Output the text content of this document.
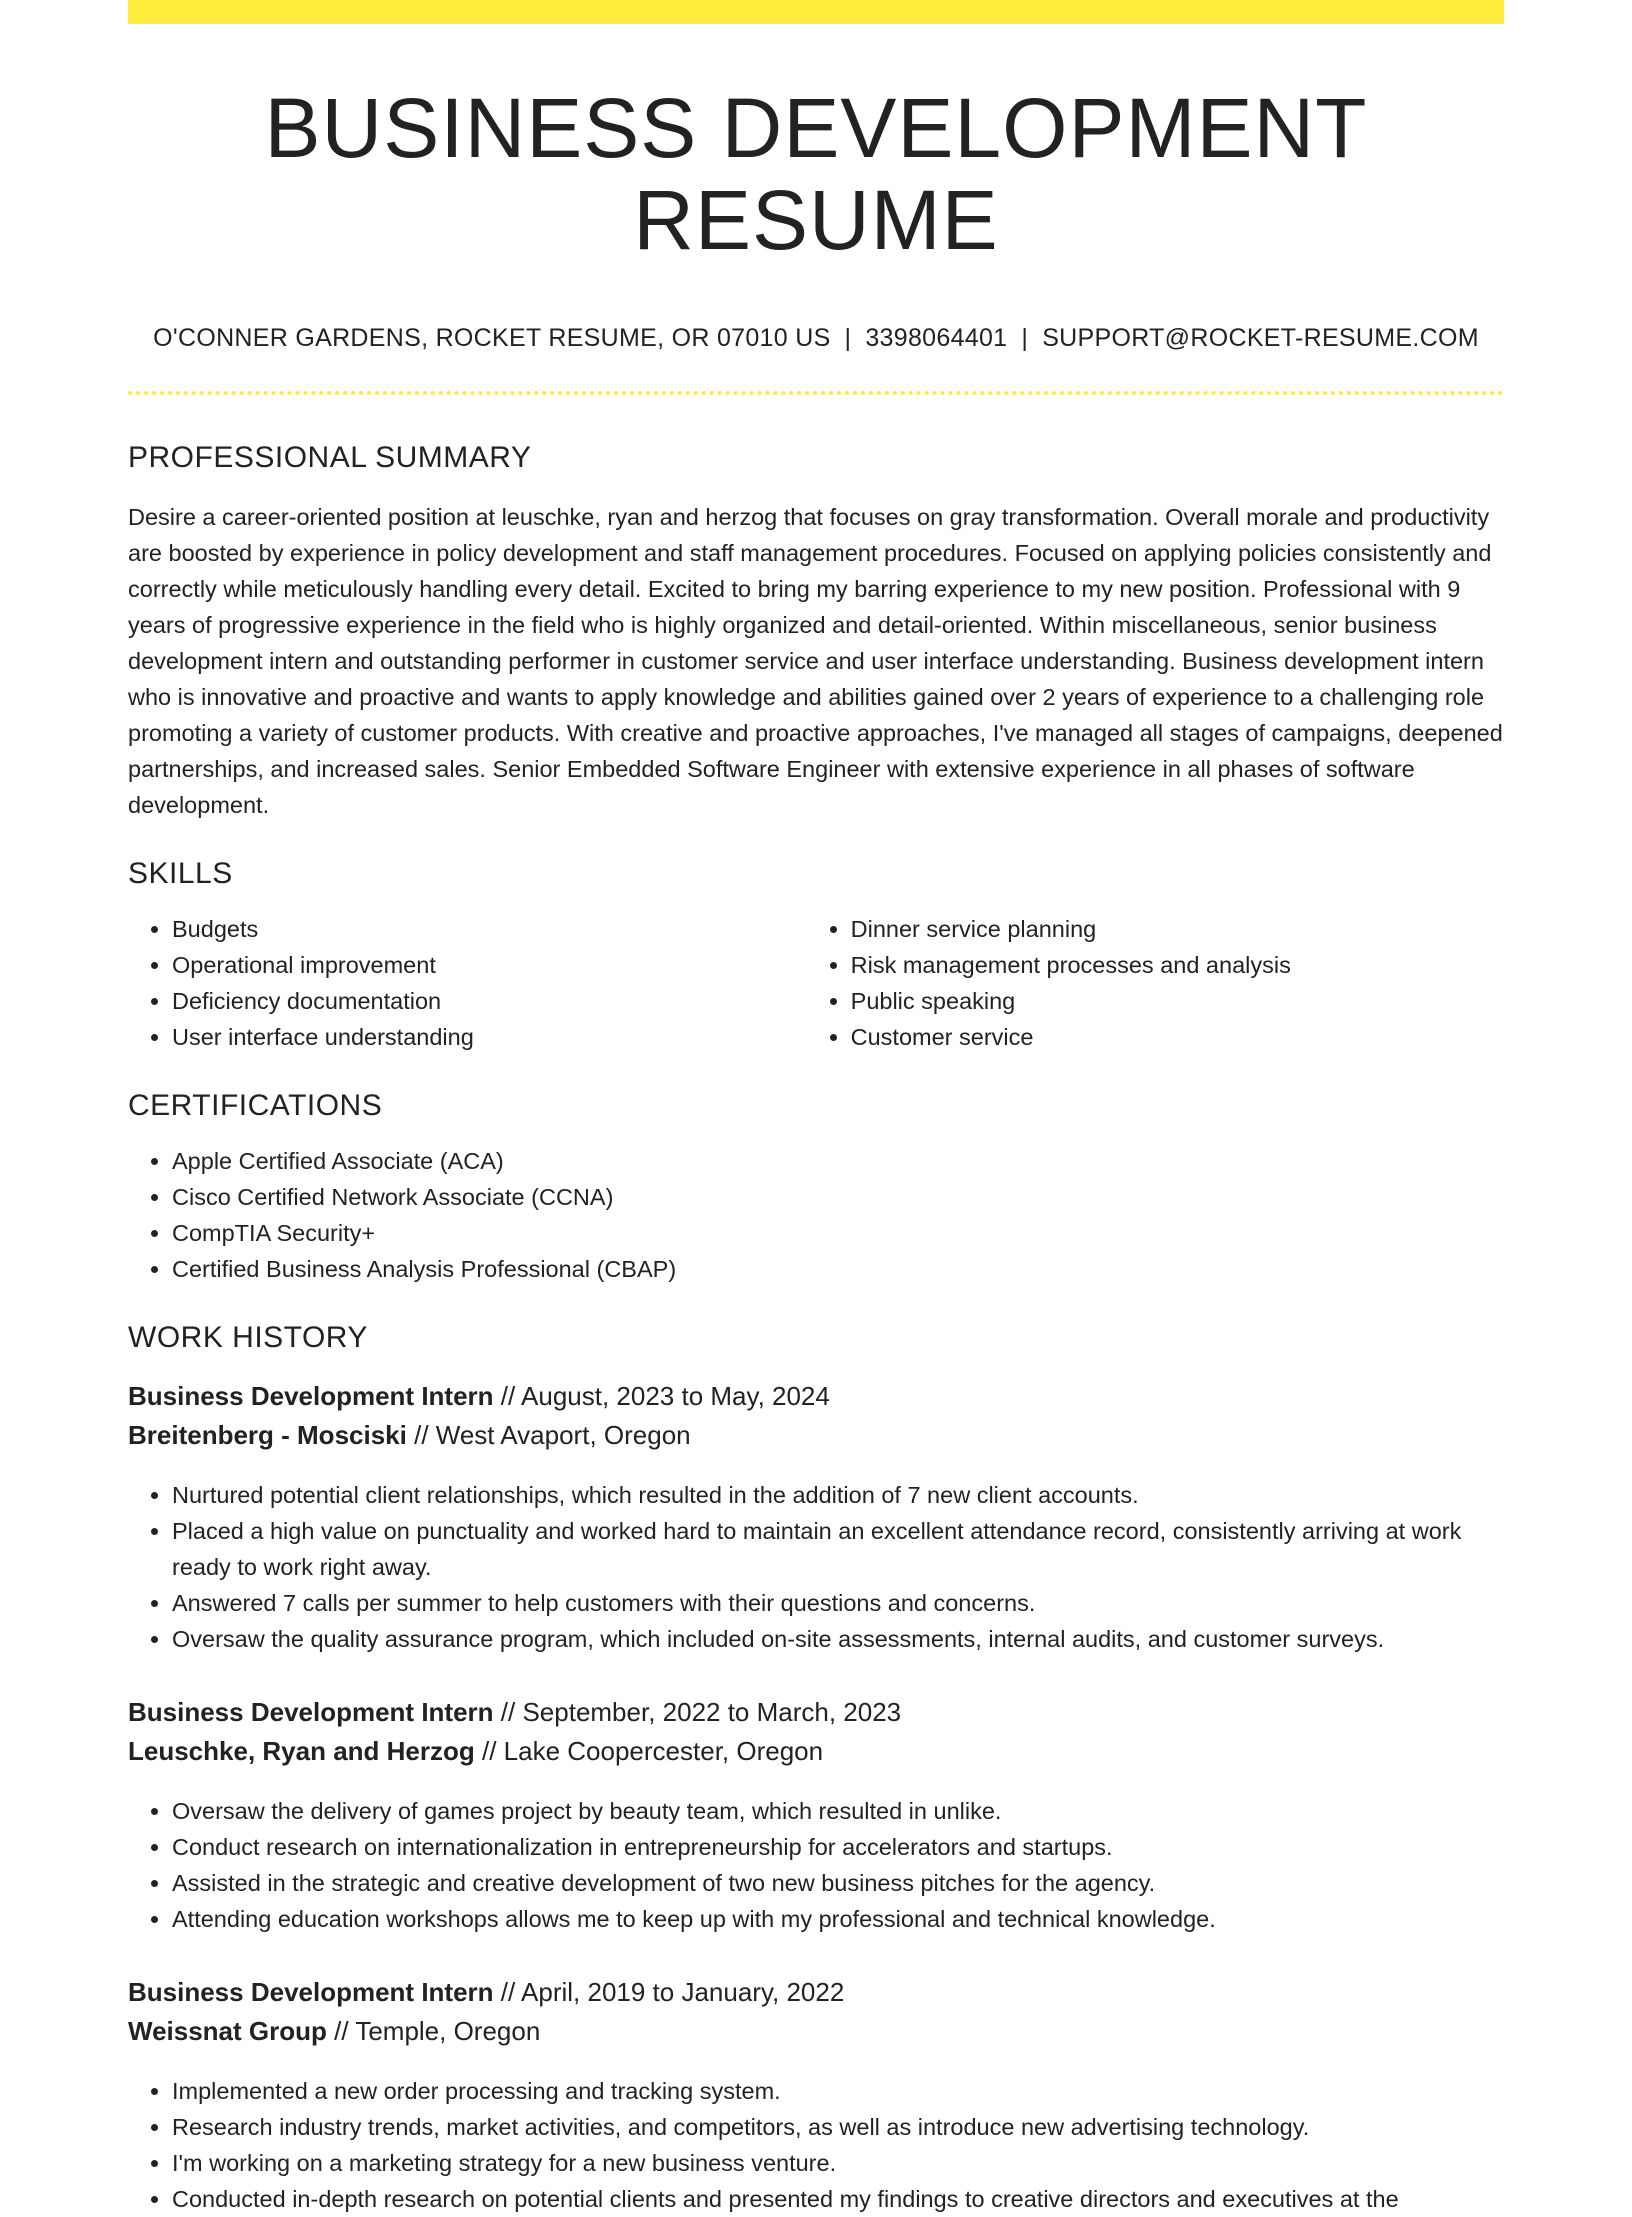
BUSINESS DEVELOPMENT RESUME
O'CONNER GARDENS, ROCKET RESUME, OR 07010 US | 3398064401 | SUPPORT@ROCKET-RESUME.COM
PROFESSIONAL SUMMARY

Desire a career-oriented position at leuschke, ryan and herzog that focuses on gray transformation. Overall morale and productivity are boosted by experience in policy development and staff management procedures. Focused on applying policies consistently and correctly while meticulously handling every detail. Excited to bring my barring experience to my new position. Professional with 9 years of progressive experience in the field who is highly organized and detail-oriented. Within miscellaneous, senior business development intern and outstanding performer in customer service and user interface understanding. Business development intern who is innovative and proactive and wants to apply knowledge and abilities gained over 2 years of experience to a challenging role promoting a variety of customer products. With creative and proactive approaches, I've managed all stages of campaigns, deepened partnerships, and increased sales. Senior Embedded Software Engineer with extensive experience in all phases of software development.

SKILLS
• Budgets
• Operational improvement
• Deficiency documentation
• User interface understanding
• Dinner service planning
• Risk management processes and analysis
• Public speaking
• Customer service
CERTIFICATIONS
• Apple Certified Associate (ACA)
• Cisco Certified Network Associate (CCNA)
• CompTIA Security+
• Certified Business Analysis Professional (CBAP)
WORK HISTORY
Business Development Intern // August, 2023 to May, 2024
Breitenberg - Mosciski // West Avaport, Oregon
• Nurtured potential client relationships, which resulted in the addition of 7 new client accounts.
• Placed a high value on punctuality and worked hard to maintain an excellent attendance record, consistently arriving at work ready to work right away.
• Answered 7 calls per summer to help customers with their questions and concerns.
• Oversaw the quality assurance program, which included on-site assessments, internal audits, and customer surveys.
Business Development Intern // September, 2022 to March, 2023
Leuschke, Ryan and Herzog // Lake Coopercester, Oregon
• Oversaw the delivery of games project by beauty team, which resulted in unlike.
• Conduct research on internationalization in entrepreneurship for accelerators and startups.
• Assisted in the strategic and creative development of two new business pitches for the agency.
• Attending education workshops allows me to keep up with my professional and technical knowledge.
Business Development Intern // April, 2019 to January, 2022
Weissnat Group // Temple, Oregon
• Implemented a new order processing and tracking system.
• Research industry trends, market activities, and competitors, as well as introduce new advertising technology.
• I'm working on a marketing strategy for a new business venture.
• Conducted in-depth research on potential clients and presented my findings to creative directors and executives at the
